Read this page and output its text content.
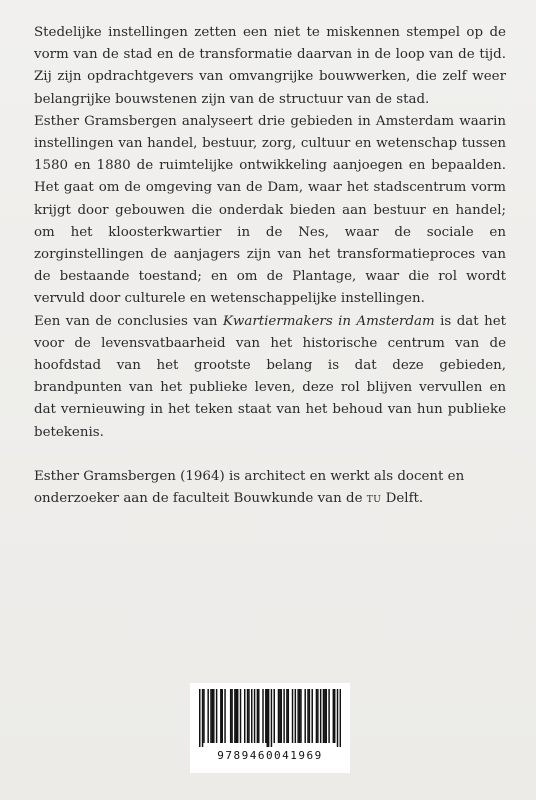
Stedelijke instellingen zetten een niet te miskennen stempel op de vorm van de stad en de transformatie daarvan in de loop van de tijd. Zij zijn opdrachtgevers van omvangrijke bouwwerken, die zelf weer belangrijke bouwstenen zijn van de structuur van de stad.

Esther Gramsbergen analyseert drie gebieden in Amsterdam waarin instellingen van handel, bestuur, zorg, cultuur en wetenschap tussen 1580 en 1880 de ruimtelijke ontwikkeling aanjoegen en bepaalden. Het gaat om de omgeving van de Dam, waar het stadscentrum vorm krijgt door gebouwen die onderdak bieden aan bestuur en handel; om het kloosterkwartier in de Nes, waar de sociale en zorginstellingen de aanjagers zijn van het transformatieproces van de bestaande toestand; en om de Plantage, waar die rol wordt vervuld door culturele en wetenschappelijke instellingen.

Een van de conclusies van Kwartiermakers in Amsterdam is dat het voor de levensvatbaarheid van het historische centrum van de hoofdstad van het grootste belang is dat deze gebieden, brandpunten van het publieke leven, deze rol blijven vervullen en dat vernieuwing in het teken staat van het behoud van hun publieke betekenis.

Esther Gramsbergen (1964) is architect en werkt als docent en onderzoeker aan de faculteit Bouwkunde van de tu Delft.

9789460041969
